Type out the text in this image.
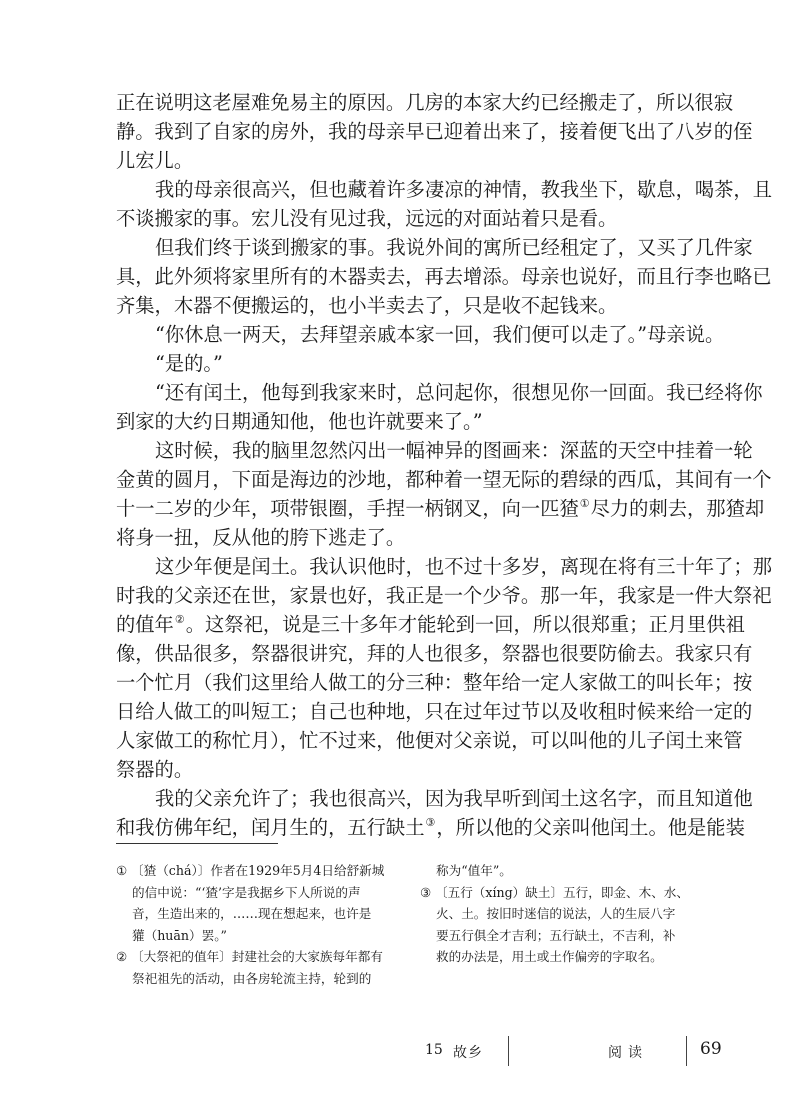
正在说明这老屋难免易主的原因。几房的本家大约已经搬走了，所以很寂
静。我到了自家的房外，我的母亲早已迎着出来了，接着便飞出了八岁的侄
儿宏儿。
我的母亲很高兴，但也藏着许多凄凉的神情，教我坐下，歇息，喝茶，且
不谈搬家的事。宏儿没有见过我，远远的对面站着只是看。
但我们终于谈到搬家的事。我说外间的寓所已经租定了，又买了几件家
具，此外须将家里所有的木器卖去，再去增添。母亲也说好，而且行李也略已
齐集，木器不便搬运的，也小半卖去了，只是收不起钱来。
“你休息一两天，去拜望亲戚本家一回，我们便可以走了。”母亲说。
“是的。”
“还有闰土，他每到我家来时，总问起你，很想见你一回面。我已经将你
到家的大约日期通知他，他也许就要来了。”
这时候，我的脑里忽然闪出一幅神异的图画来：深蓝的天空中挂着一轮
金黄的圆月，下面是海边的沙地，都种着一望无际的碧绿的西瓜，其间有一个
十一二岁的少年，项带银圈，手捏一柄钢叉，向一匹猹①尽力的刺去，那猹却
将身一扭，反从他的胯下逃走了。
这少年便是闰土。我认识他时，也不过十多岁，离现在将有三十年了；那
时我的父亲还在世，家景也好，我正是一个少爷。那一年，我家是一件大祭祀
的值年②。这祭祀，说是三十多年才能轮到一回，所以很郑重；正月里供祖
像，供品很多，祭器很讲究，拜的人也很多，祭器也很要防偷去。我家只有
一个忙月（我们这里给人做工的分三种：整年给一定人家做工的叫长年；按
日给人做工的叫短工；自己也种地，只在过年过节以及收租时候来给一定的
人家做工的称忙月），忙不过来，他便对父亲说，可以叫他的儿子闰土来管
祭器的。
我的父亲允许了；我也很高兴，因为我早听到闰土这名字，而且知道他
和我仿佛年纪，闰月生的，五行缺土③，所以他的父亲叫他闰土。他是能装
① 〔猹（chá）〕作者在1929年5月4日给舒新城
的信中说：“‘猹’字是我据乡下人所说的声
音，生造出来的，……现在想起来，也许是
獾（huān）罢。”
② 〔大祭祀的值年〕封建社会的大家族每年都有
祭祀祖先的活动，由各房轮流主持，轮到的
称为“值年”。
③ 〔五行（xíng）缺土〕五行，即金、木、水、
火、土。按旧时迷信的说法，人的生辰八字
要五行俱全才吉利；五行缺土，不吉利，补
救的办法是，用土或土作偏旁的字取名。
15 故乡	阅读	69
